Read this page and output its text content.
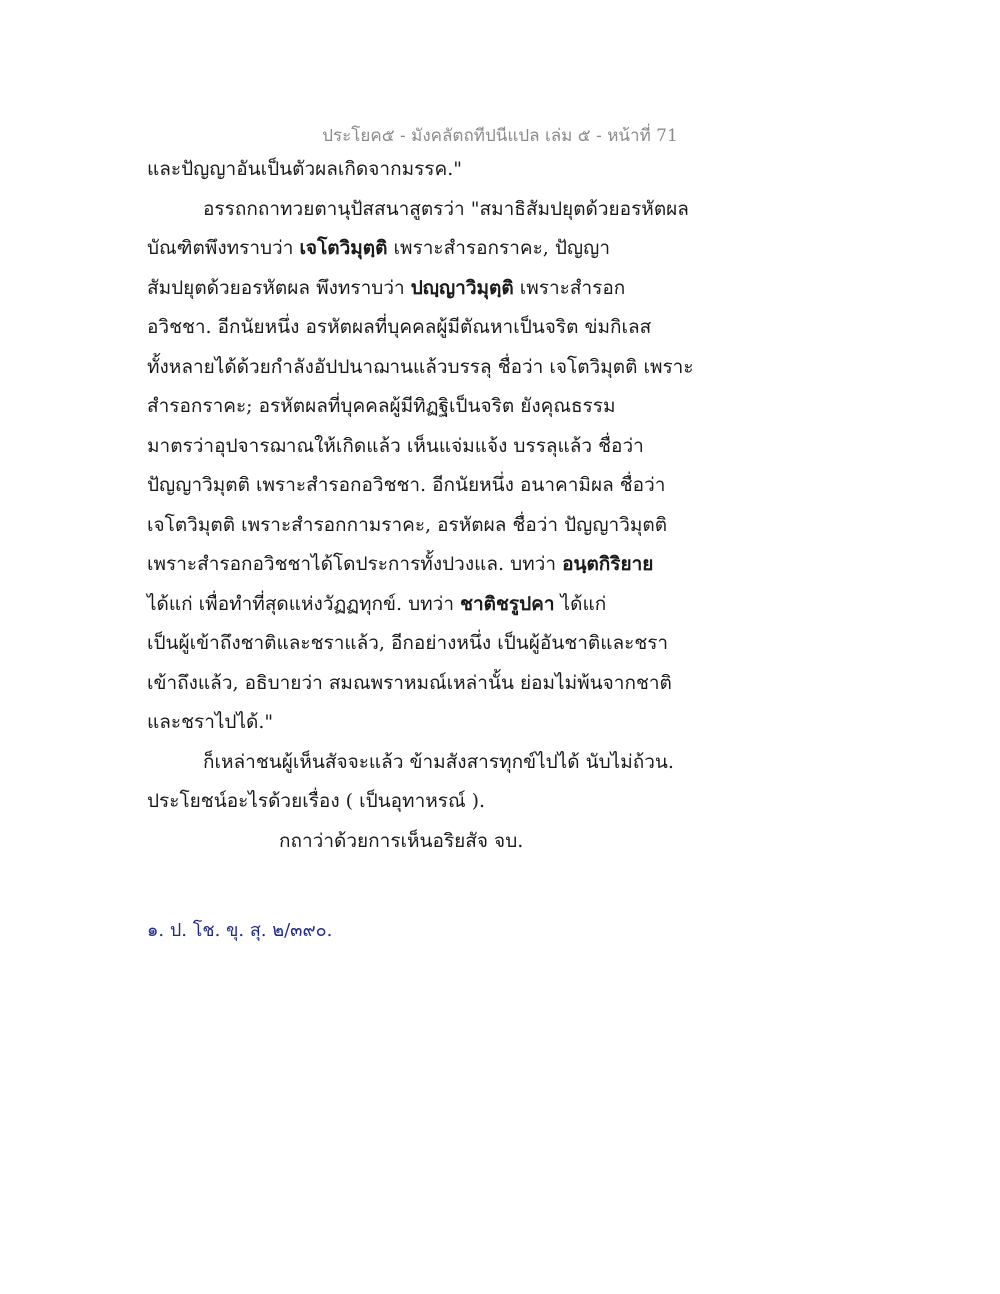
ประโยค๕ - มังคลัตถทีปนีแปล เล่ม ๕ - หน้าที่ 71
และปัญญาอันเป็นตัวผลเกิดจากมรรค."
อรรถกถาทวยตานุปัสสนาสูตรว่า "สมาธิสัมปยุตด้วยอรหัตผล
บัณฑิตพึงทราบว่า เจโตวิมุตฺติ เพราะสำรอกราคะ, ปัญญา
สัมปยุตด้วยอรหัตผล พึงทราบว่า ปญฺญาวิมุตฺติ เพราะสำรอก
อวิชชา. อีกนัยหนึ่ง อรหัตผลที่บุคคลผู้มีตัณหาเป็นจริต ข่มกิเลส
ทั้งหลายได้ด้วยกำลังอัปปนาฌานแล้วบรรลุ ชื่อว่า เจโตวิมุตติ เพราะ
สำรอกราคะ; อรหัตผลที่บุคคลผู้มีทิฏฐิเป็นจริต ยังคุณธรรม
มาตรว่าอุปจารฌาณให้เกิดแล้ว เห็นแจ่มแจ้ง บรรลุแล้ว ชื่อว่า
ปัญญาวิมุตติ เพราะสำรอกอวิชชา. อีกนัยหนึ่ง อนาคามิผล ชื่อว่า
เจโตวิมุตติ เพราะสำรอกกามราคะ, อรหัตผล ชื่อว่า ปัญญาวิมุตติ
เพราะสำรอกอวิชชาได้โดประการทั้งปวงแล. บทว่า อนฺตกิริยาย
ได้แก่ เพื่อทำที่สุดแห่งวัฏฏทุกข์. บทว่า ชาติชรูปคา ได้แก่
เป็นผู้เข้าถึงชาติและชราแล้ว, อีกอย่างหนึ่ง เป็นผู้อันชาติและชรา
เข้าถึงแล้ว, อธิบายว่า สมณพราหมณ์เหล่านั้น ย่อมไม่พ้นจากชาติ
และชราไปได้."
ก็เหล่าชนผู้เห็นสัจจะแล้ว ข้ามสังสารทุกข์ไปได้ นับไม่ถ้วน.
ประโยชน์อะไรด้วยเรื่อง ( เป็นอุทาหรณ์ ).
กถาว่าด้วยการเห็นอริยสัจ จบ.
๑. ป. โช. ขุ. สุ. ๒/๓๙๐.
